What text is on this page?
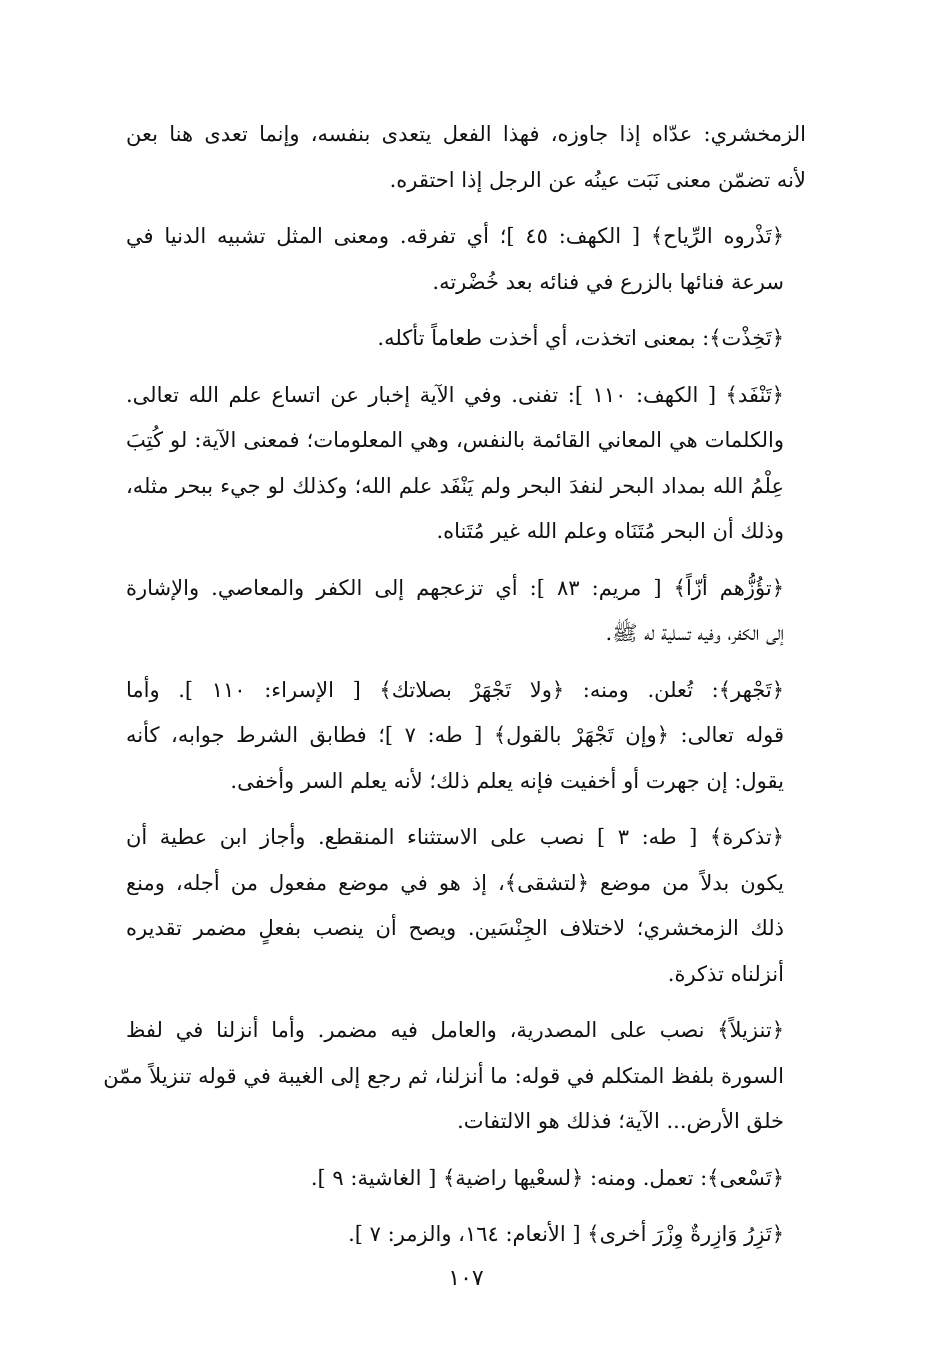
الزمخشري: عدّاه إذا جاوزه، فهذا الفعل يتعدى بنفسه، وإنما تعدى هنا بعن
لأنه تضمّن معنى نَبَت عينُه عن الرجل إذا احتقره.

﴿تَذْروه الرِّياح﴾ [ الكهف: ٤٥ ]؛ أي تفرقه. ومعنى المثل تشبيه الدنيا في
سرعة فنائها بالزرع في فنائه بعد خُضْرته.

﴿تَخِذْت﴾: بمعنى اتخذت، أي أخذت طعاماً تأكله.

﴿تَنْفَد﴾ [ الكهف: ١١٠ ]: تفنى. وفي الآية إخبار عن اتساع علم الله تعالى.
والكلمات هي المعاني القائمة بالنفس، وهي المعلومات؛ فمعنى الآية: لو كُتِبَ
عِلْمُ الله بمداد البحر لنفدَ البحر ولم يَنْفَد علم الله؛ وكذلك لو جيء ببحر مثله،
وذلك أن البحر مُتَنَاه وعلم الله غير مُتَناه.

﴿تؤُزُّهم أزّاً﴾ [ مريم: ٨٣ ]: أي تزعجهم إلى الكفر والمعاصي. والإشارة
إلى الكفر، وفيه تسلية له ﷺ.

﴿تَجْهر﴾: تُعلن. ومنه: ﴿ولا تَجْهَرْ بصلاتك﴾ [ الإسراء: ١١٠ ]. وأما
قوله تعالى: ﴿وإن تَجْهَرْ بالقول﴾ [ طه: ٧ ]؛ فطابق الشرط جوابه، كأنه
يقول: إن جهرت أو أخفيت فإنه يعلم ذلك؛ لأنه يعلم السر وأخفى.

﴿تذكرة﴾ [ طه: ٣ ] نصب على الاستثناء المنقطع. وأجاز ابن عطية أن
يكون بدلاً من موضع ﴿لتشقى﴾، إذ هو في موضع مفعول من أجله، ومنع
ذلك الزمخشري؛ لاختلاف الجِنْسَين. ويصح أن ينصب بفعلٍ مضمر تقديره
أنزلناه تذكرة.

﴿تنزيلاً﴾ نصب على المصدرية، والعامل فيه مضمر. وأما أنزلنا في لفظ
السورة بلفظ المتكلم في قوله: ما أنزلنا، ثم رجع إلى الغيبة في قوله تنزيلاً ممّن
خلق الأرض... الآية؛ فذلك هو الالتفات.

﴿تَسْعى﴾: تعمل. ومنه: ﴿لسعْيها راضية﴾ [ الغاشية: ٩ ].

﴿تَزِرُ وَازِرةٌ وِزْرَ أخرى﴾ [ الأنعام: ١٦٤، والزمر: ٧ ].

١٠٧
